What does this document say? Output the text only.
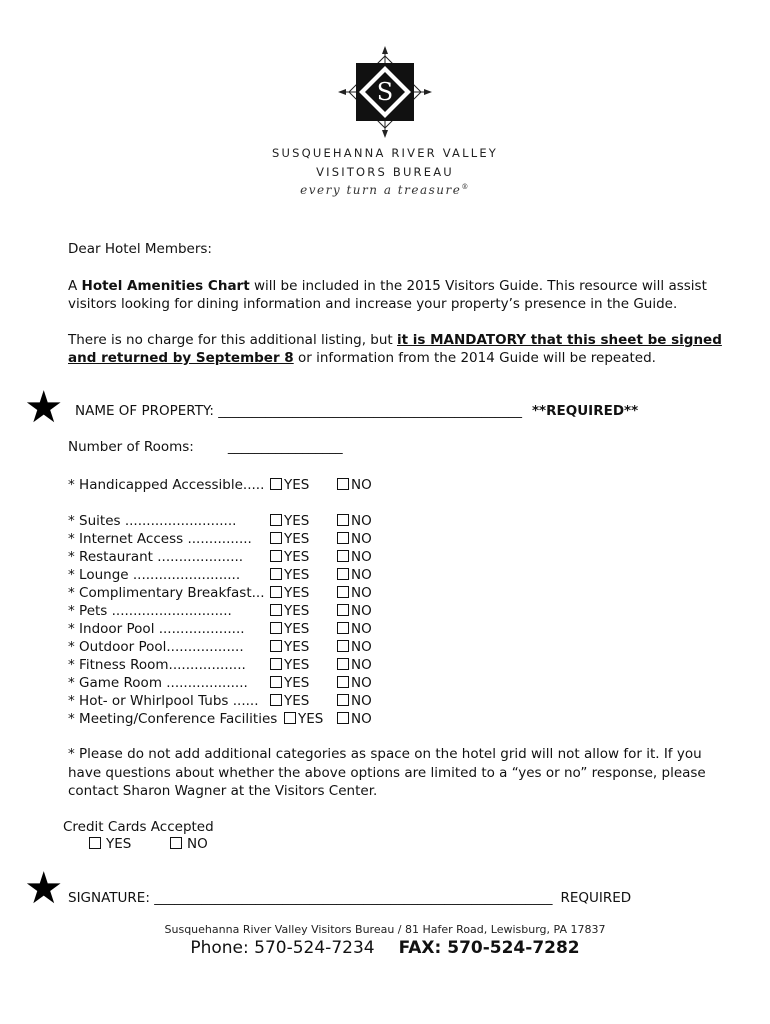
S
SUSQUEHANNA RIVER VALLEY
VISITORS BUREAU
every turn a treasure®
Dear Hotel Members:
A Hotel Amenities Chart will be included in the 2015 Visitors Guide. This resource will assist
visitors looking for dining information and increase your property’s presence in the Guide.
There is no charge for this additional listing, but it is MANDATORY that this sheet be signed
and returned by September 8 or information from the 2014 Guide will be repeated.
★ NAME OF PROPERTY: _____________________________________________ **REQUIRED**
Number of Rooms:	_________________
* Handicapped Accessible.....	YES	NO
* Suites ..........................	YES	NO
* Internet Access ...............	YES	NO
* Restaurant ....................	YES	NO
* Lounge .........................	YES	NO
* Complimentary Breakfast...	YES	NO
* Pets ............................	YES	NO
* Indoor Pool ....................	YES	NO
* Outdoor Pool..................	YES	NO
* Fitness Room..................	YES	NO
* Game Room ...................	YES	NO
* Hot- or Whirlpool Tubs ......	YES	NO
* Meeting/Conference Facilities	YES	NO
* Please do not add additional categories as space on the hotel grid will not allow for it. If you
have questions about whether the above options are limited to a “yes or no” response, please
contact Sharon Wagner at the Visitors Center.
Credit Cards Accepted
YES	NO
★ SIGNATURE: ___________________________________________________________ REQUIRED
Susquehanna River Valley Visitors Bureau / 81 Hafer Road, Lewisburg, PA 17837
Phone: 570-524-7234 FAX: 570-524-7282
